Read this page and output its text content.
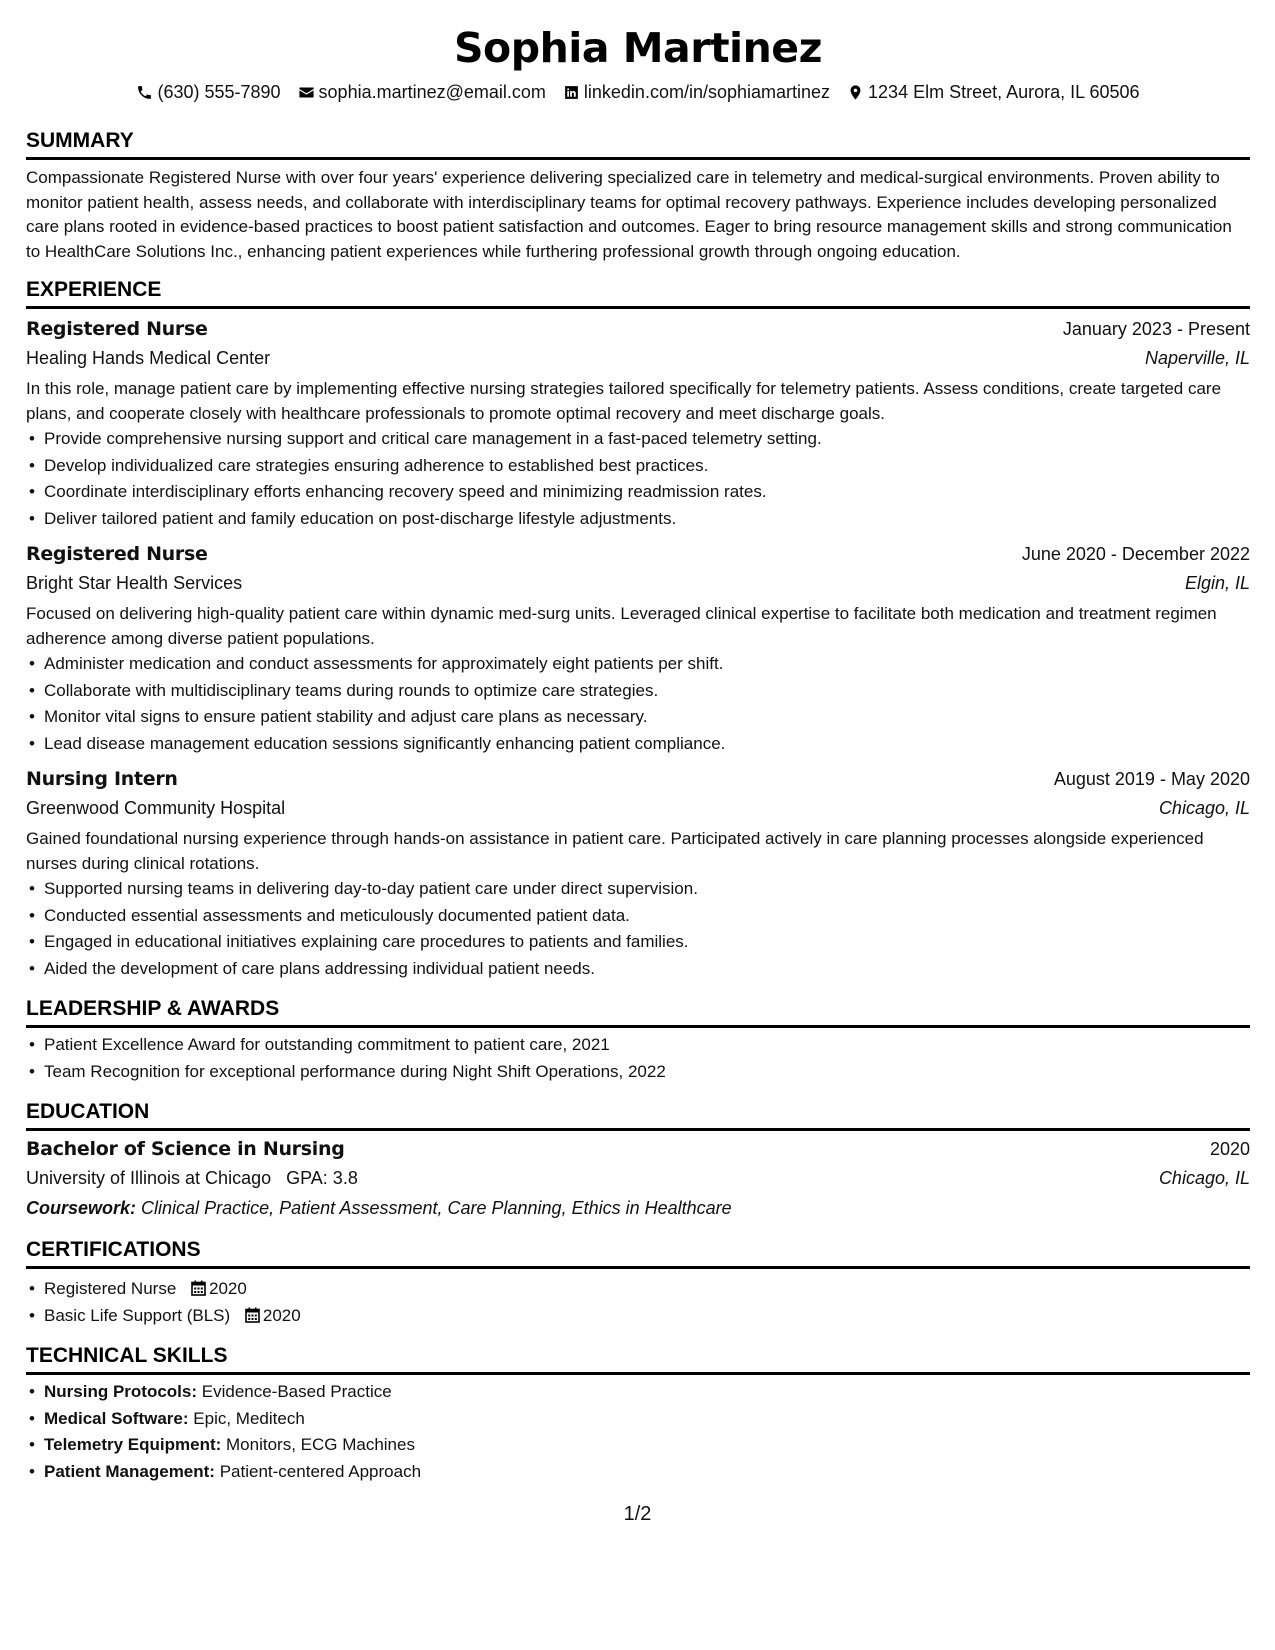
Sophia Martinez
(630) 555-7890 sophia.martinez@email.com linkedin.com/in/sophiamartinez 1234 Elm Street, Aurora, IL 60506
SUMMARY
Compassionate Registered Nurse with over four years' experience delivering specialized care in telemetry and medical-surgical environments. Proven ability to monitor patient health, assess needs, and collaborate with interdisciplinary teams for optimal recovery pathways. Experience includes developing personalized care plans rooted in evidence-based practices to boost patient satisfaction and outcomes. Eager to bring resource management skills and strong communication to HealthCare Solutions Inc., enhancing patient experiences while furthering professional growth through ongoing education.
EXPERIENCE
Registered Nurse	January 2023 - Present
Healing Hands Medical Center	Naperville, IL
In this role, manage patient care by implementing effective nursing strategies tailored specifically for telemetry patients. Assess conditions, create targeted care plans, and cooperate closely with healthcare professionals to promote optimal recovery and meet discharge goals.
• Provide comprehensive nursing support and critical care management in a fast-paced telemetry setting.
• Develop individualized care strategies ensuring adherence to established best practices.
• Coordinate interdisciplinary efforts enhancing recovery speed and minimizing readmission rates.
• Deliver tailored patient and family education on post-discharge lifestyle adjustments.
Registered Nurse	June 2020 - December 2022
Bright Star Health Services	Elgin, IL
Focused on delivering high-quality patient care within dynamic med-surg units. Leveraged clinical expertise to facilitate both medication and treatment regimen adherence among diverse patient populations.
• Administer medication and conduct assessments for approximately eight patients per shift.
• Collaborate with multidisciplinary teams during rounds to optimize care strategies.
• Monitor vital signs to ensure patient stability and adjust care plans as necessary.
• Lead disease management education sessions significantly enhancing patient compliance.
Nursing Intern	August 2019 - May 2020
Greenwood Community Hospital	Chicago, IL
Gained foundational nursing experience through hands-on assistance in patient care. Participated actively in care planning processes alongside experienced nurses during clinical rotations.
• Supported nursing teams in delivering day-to-day patient care under direct supervision.
• Conducted essential assessments and meticulously documented patient data.
• Engaged in educational initiatives explaining care procedures to patients and families.
• Aided the development of care plans addressing individual patient needs.
LEADERSHIP & AWARDS
• Patient Excellence Award for outstanding commitment to patient care, 2021
• Team Recognition for exceptional performance during Night Shift Operations, 2022
EDUCATION
Bachelor of Science in Nursing	2020
University of Illinois at Chicago GPA: 3.8	Chicago, IL
Coursework: Clinical Practice, Patient Assessment, Care Planning, Ethics in Healthcare
CERTIFICATIONS
• Registered Nurse 2020
• Basic Life Support (BLS) 2020
TECHNICAL SKILLS
• Nursing Protocols: Evidence-Based Practice
• Medical Software: Epic, Meditech
• Telemetry Equipment: Monitors, ECG Machines
• Patient Management: Patient-centered Approach
1/2
